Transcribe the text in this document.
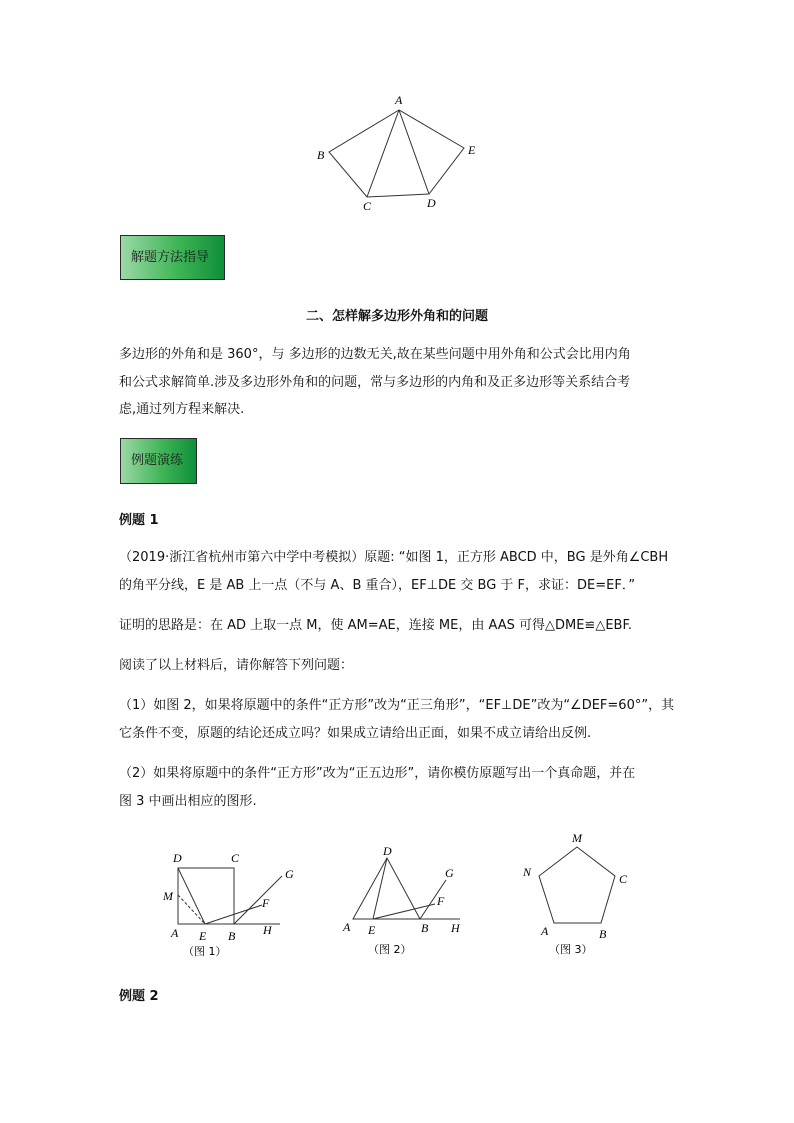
A
B
C	D
E
解题方法指导
二、怎样解多边形外角和的问题
多边形的外角和是 360°，与 多边形的边数无关,故在某些问题中用外角和公式会比用内角
和公式求解简单.涉及多边形外角和的问题，常与多边形的内角和及正多边形等关系结合考
虑,通过列方程来解决.
例题演练
例题 1
（2019·浙江省杭州市第六中学中考模拟）原题: “如图 1，正方形 ABCD 中，BG 是外角∠CBH
的角平分线，E 是 AB 上一点（不与 A、B 重合），EF⊥DE 交 BG 于 F，求证：DE=EF．”
证明的思路是：在 AD 上取一点 M，使 AM=AE，连接 ME，由 AAS 可得△DME≌△EBF.
阅读了以上材料后，请你解答下列问题：
（1）如图 2，如果将原题中的条件“正方形”改为“正三角形”，“EF⊥DE”改为“∠DEF=60°”，其
它条件不变，原题的结论还成立吗？如果成立请给出正面，如果不成立请给出反例.
（2）如果将原题中的条件“正方形”改为“正五边形”，请你模仿原题写出一个真命题，并在
图 3 中画出相应的图形.
D	C
G
M	F
A E B H
（图 1）
D
G
F
A E	B H
（图 2）
M
N	C
A	B
（图 3）
例题 2
